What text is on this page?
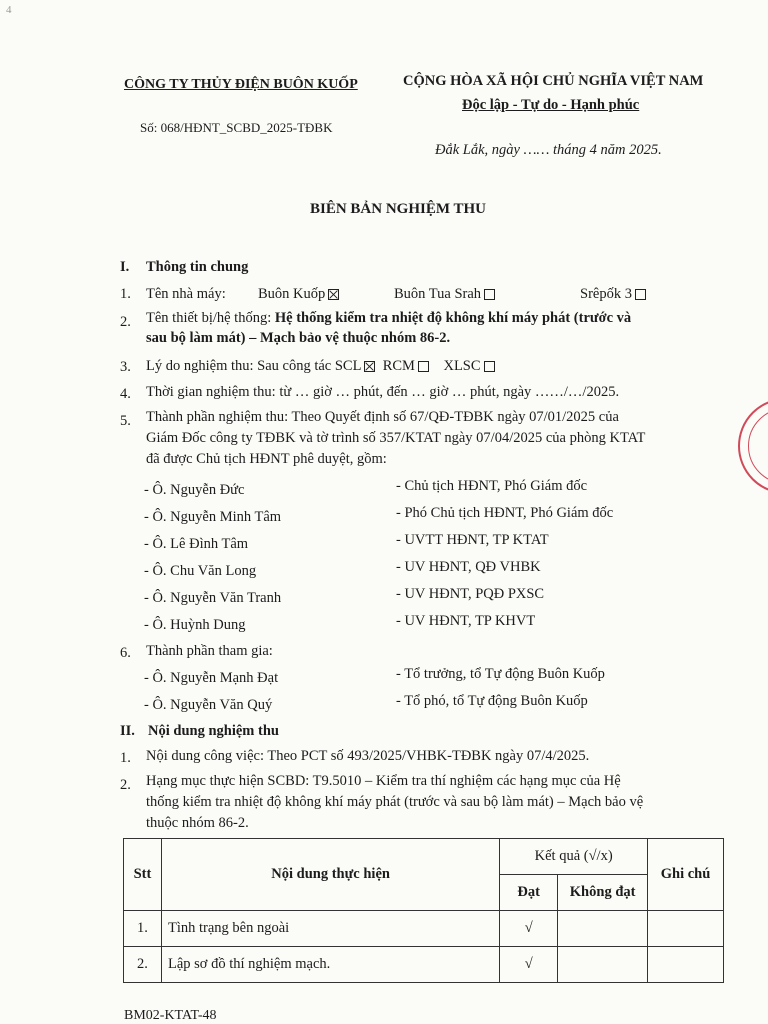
4
CÔNG TY THỦY ĐIỆN BUÔN KUỐP	CỘNG HÒA XÃ HỘI CHỦ NGHĨA VIỆT NAM
Độc lập - Tự do - Hạnh phúc
Số: 068/HĐNT_SCBD_2025-TĐBK
Đắk Lắk, ngày …… tháng 4 năm 2025.
BIÊN BẢN NGHIỆM THU
I. Thông tin chung
1. Tên nhà máy: Buôn Kuốp	Buôn Tua Srah	Srêpốk 3
2. Tên thiết bị/hệ thống: Hệ thống kiểm tra nhiệt độ không khí máy phát (trước và
sau bộ làm mát) – Mạch bảo vệ thuộc nhóm 86-2.
3. Lý do nghiệm thu: Sau công tác SCL RCM XLSC
4. Thời gian nghiệm thu: từ … giờ … phút, đến … giờ … phút, ngày ……/…/2025.
5. Thành phần nghiệm thu: Theo Quyết định số 67/QĐ-TĐBK ngày 07/01/2025 của
Giám Đốc công ty TĐBK và tờ trình số 357/KTAT ngày 07/04/2025 của phòng KTAT
đã được Chủ tịch HĐNT phê duyệt, gồm:
- Ô. Nguyễn Đức	- Chủ tịch HĐNT, Phó Giám đốc
- Ô. Nguyễn Minh Tâm	- Phó Chủ tịch HĐNT, Phó Giám đốc
- Ô. Lê Đình Tâm	- UVTT HĐNT, TP KTAT
- Ô. Chu Văn Long	- UV HĐNT, QĐ VHBK
- Ô. Nguyễn Văn Tranh	- UV HĐNT, PQĐ PXSC
- Ô. Huỳnh Dung	- UV HĐNT, TP KHVT
6. Thành phần tham gia:
- Ô. Nguyễn Mạnh Đạt	- Tổ trưởng, tổ Tự động Buôn Kuốp
- Ô. Nguyễn Văn Quý	- Tổ phó, tổ Tự động Buôn Kuốp
II. Nội dung nghiệm thu
1. Nội dung công việc: Theo PCT số 493/2025/VHBK-TĐBK ngày 07/4/2025.
2. Hạng mục thực hiện SCBD: T9.5010 – Kiểm tra thí nghiệm các hạng mục của Hệ
thống kiểm tra nhiệt độ không khí máy phát (trước và sau bộ làm mát) – Mạch bảo vệ
thuộc nhóm 86-2.
Stt	Nội dung thực hiện	Kết quả (√/x)		Ghi chú
		Đạt	Không đạt	
1.	Tình trạng bên ngoài	√		
2.	Lập sơ đồ thí nghiệm mạch.	√		
BM02-KTAT-48
